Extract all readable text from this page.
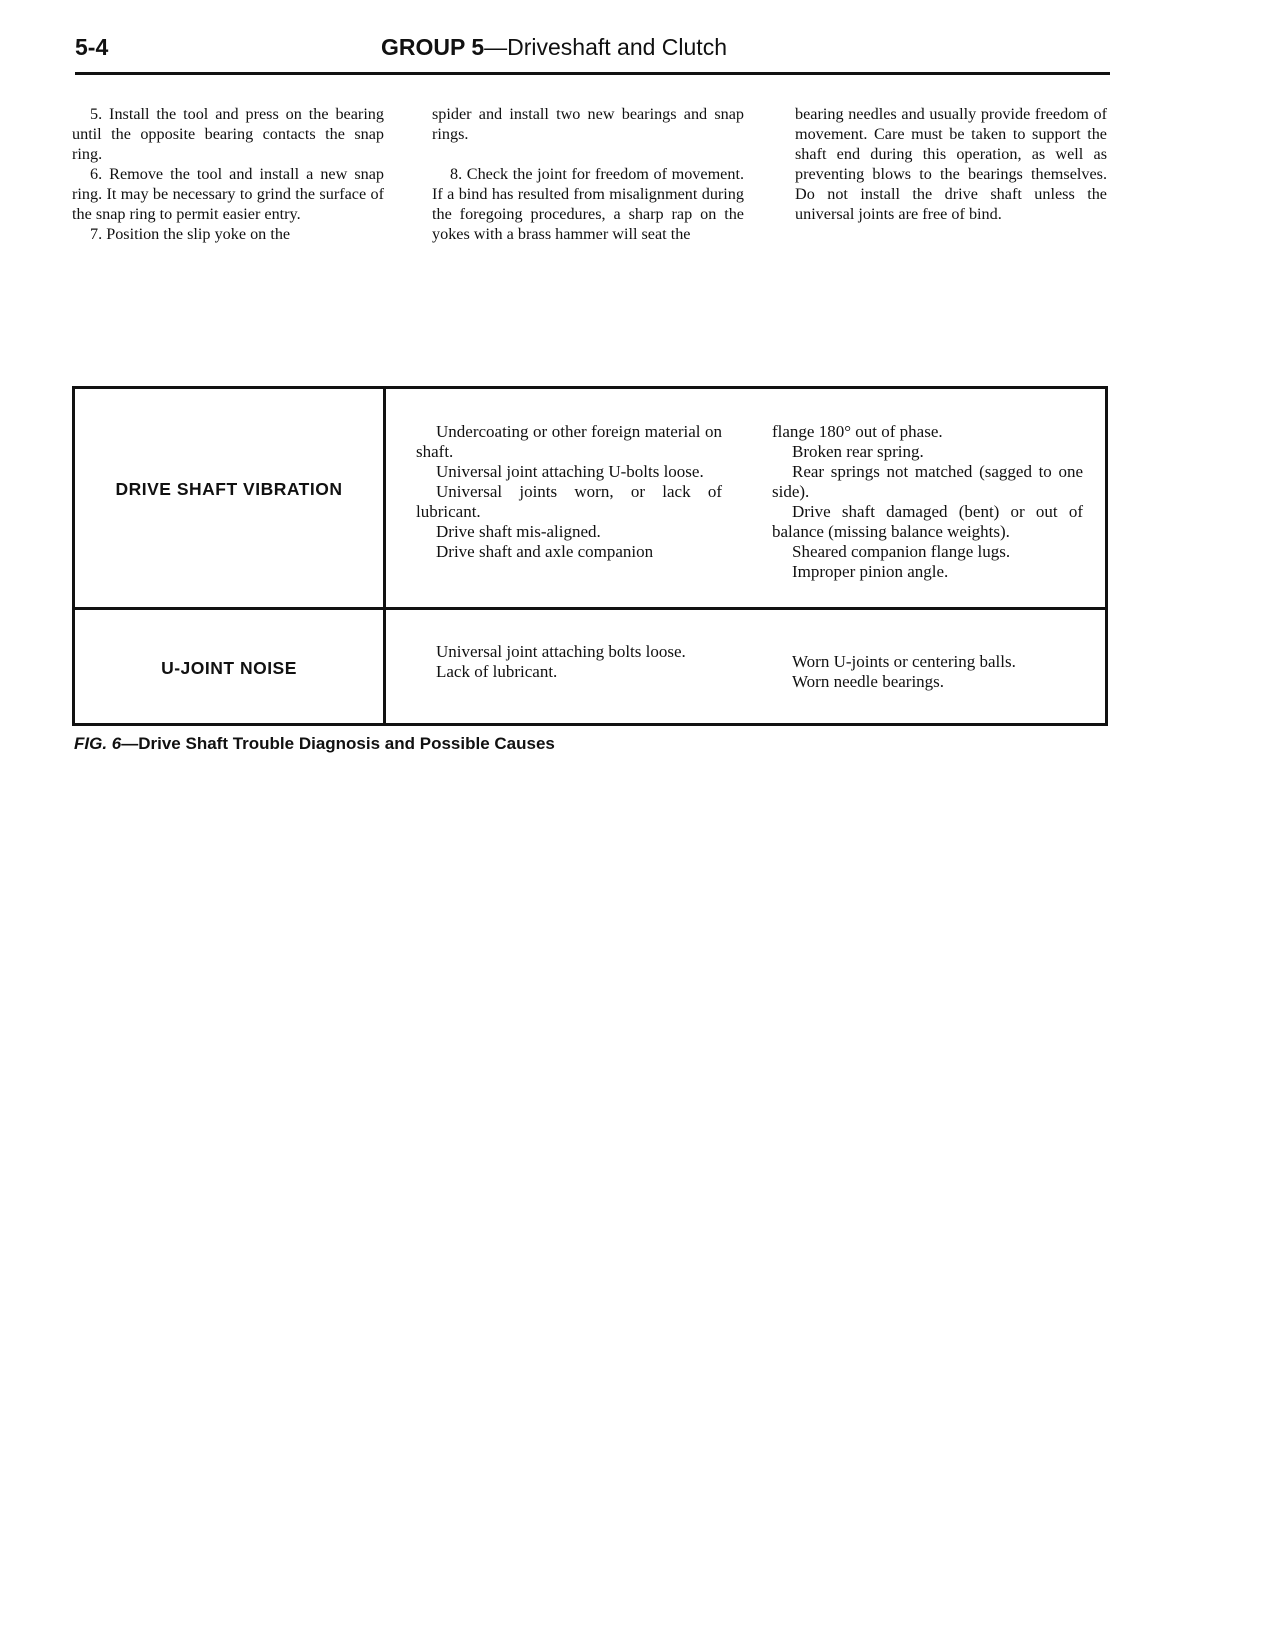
5-4	GROUP 5—Driveshaft and Clutch

5. Install the tool and press on the bearing until the opposite bearing contacts the snap ring.

6. Remove the tool and install a new snap ring. It may be necessary to grind the surface of the snap ring to permit easier entry.

7. Position the slip yoke on the

spider and install two new bearings and snap rings.

8. Check the joint for freedom of movement. If a bind has resulted from misalignment during the foregoing procedures, a sharp rap on the yokes with a brass hammer will seat the

bearing needles and usually provide freedom of movement. Care must be taken to support the shaft end during this operation, as well as preventing blows to the bearings themselves. Do not install the drive shaft unless the universal joints are free of bind.

DRIVE SHAFT VIBRATION

Undercoating or other foreign material on shaft.

Universal joint attaching U-bolts loose.

Universal joints worn, or lack of lubricant.

Drive shaft mis-aligned.

Drive shaft and axle companion

flange 180° out of phase.

Broken rear spring.

Rear springs not matched (sagged to one side).

Drive shaft damaged (bent) or out of balance (missing balance weights).

Sheared companion flange lugs.

Improper pinion angle.

U-JOINT NOISE

Universal joint attaching bolts loose.

Lack of lubricant.

Worn U-joints or centering balls.

Worn needle bearings.

FIG. 6—Drive Shaft Trouble Diagnosis and Possible Causes
